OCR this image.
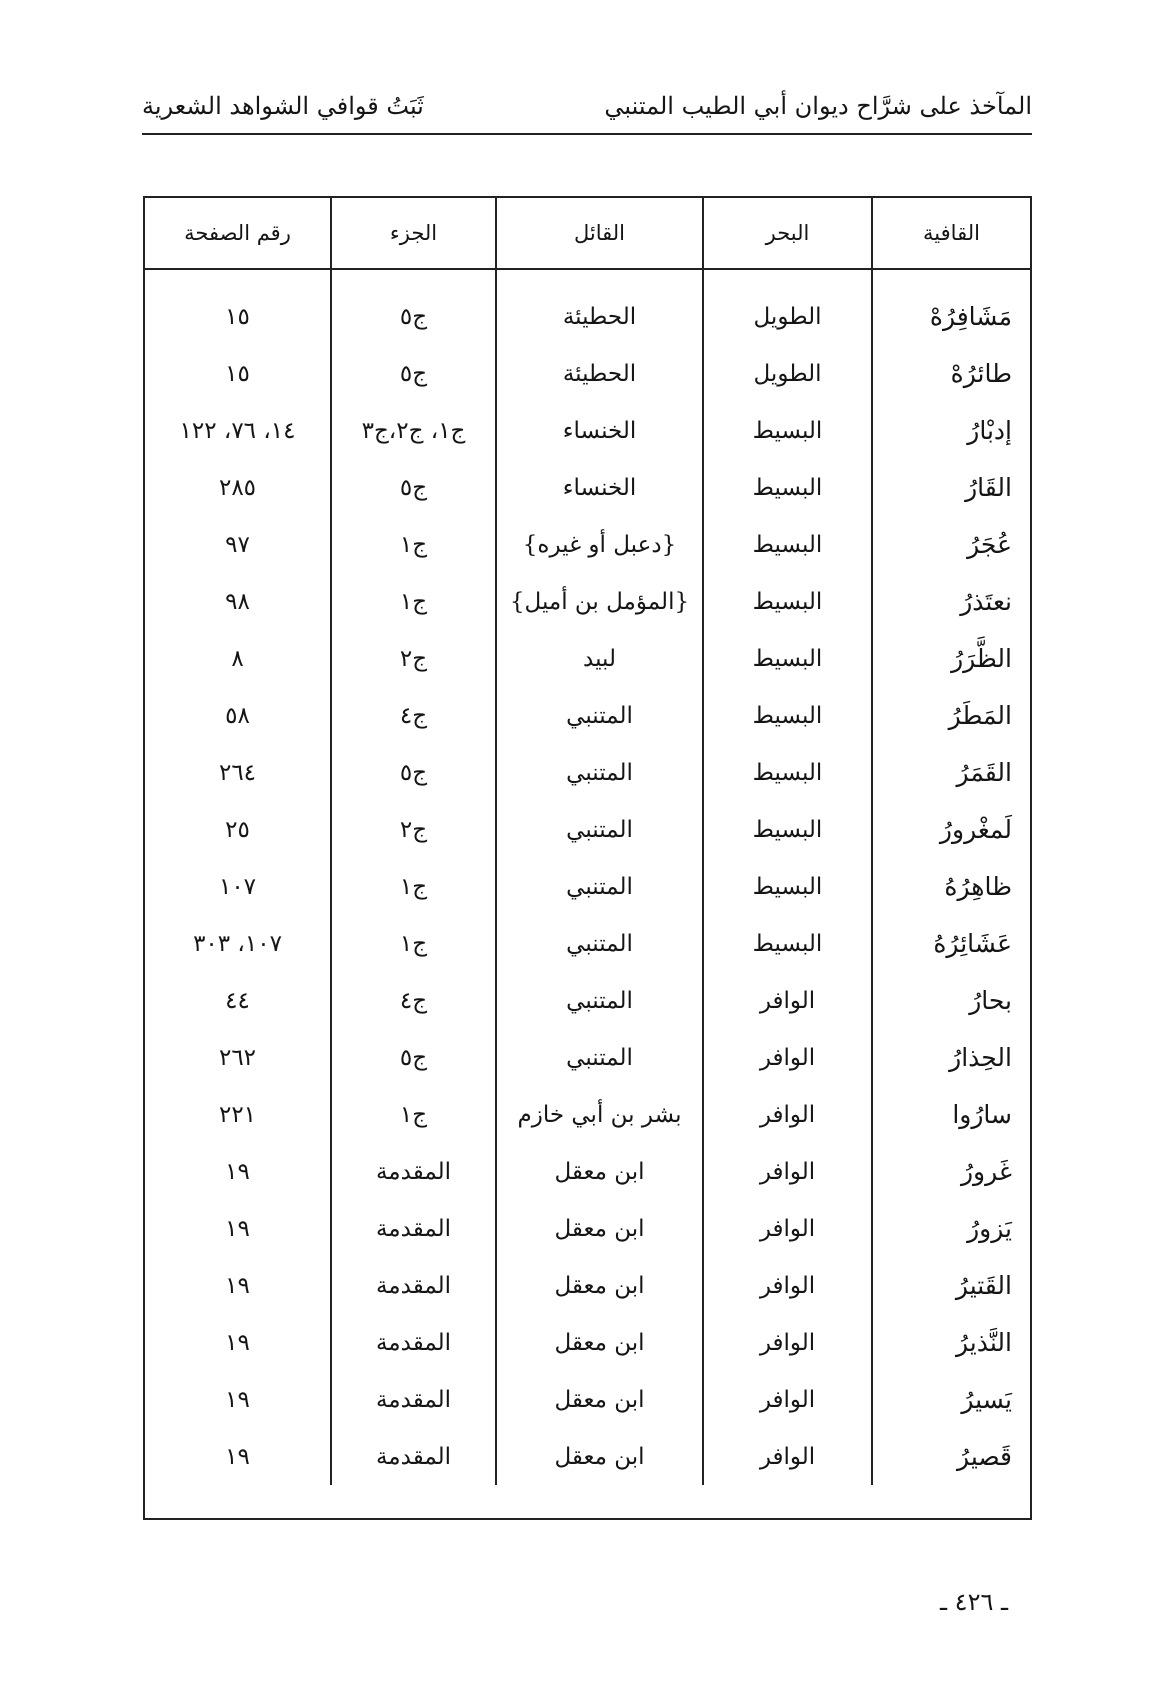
المآخذ على شرَّاح ديوان أبي الطيب المتنبي
ثَبَتُ قوافي الشواهد الشعرية
القافية	البحر	القائل	الجزء	رقم الصفحة
مَشَافِرُهْ	الطويل	الحطيئة	ج٥	١٥
طائرُهْ	الطويل	الحطيئة	ج٥	١٥
إدبْارُ	البسيط	الخنساء	ج١، ج٢،ج٣	١٤، ٧٦، ١٢٢
القَارُ	البسيط	الخنساء	ج٥	٢٨٥
عُجَرُ	البسيط	{دعبل أو غيره}	ج١	٩٧
نعتَذرُ	البسيط	{المؤمل بن أميل}	ج١	٩٨
الظَّرَرُ	البسيط	لبيد	ج٢	٨
المَطَرُ	البسيط	المتنبي	ج٤	٥٨
القَمَرُ	البسيط	المتنبي	ج٥	٢٦٤
لَمغْرورُ	البسيط	المتنبي	ج٢	٢٥
ظاهِرُهُ	البسيط	المتنبي	ج١	١٠٧
عَشَائِرُهُ	البسيط	المتنبي	ج١	١٠٧، ٣٠٣
بحارُ	الوافر	المتنبي	ج٤	٤٤
الحِذارُ	الوافر	المتنبي	ج٥	٢٦٢
سارُوا	الوافر	بشر بن أبي خازم	ج١	٢٢١
غَرورُ	الوافر	ابن معقل	المقدمة	١٩
يَزورُ	الوافر	ابن معقل	المقدمة	١٩
القَتيرُ	الوافر	ابن معقل	المقدمة	١٩
النَّذيرُ	الوافر	ابن معقل	المقدمة	١٩
يَسيرُ	الوافر	ابن معقل	المقدمة	١٩
قَصيرُ	الوافر	ابن معقل	المقدمة	١٩
ـ ٤٢٦ ـ
